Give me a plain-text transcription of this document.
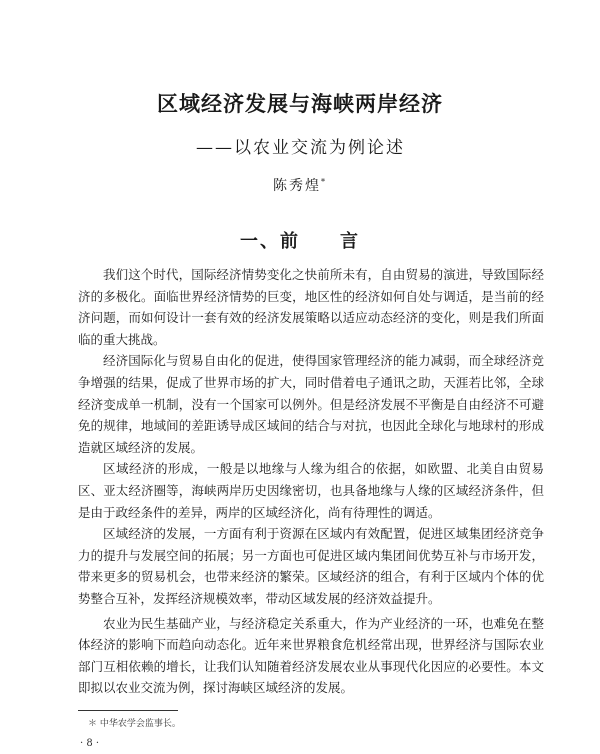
区域经济发展与海峡两岸经济
——以农业交流为例论述
陈秀煌*
一、前　　言

我们这个时代，国际经济情势变化之快前所未有，自由贸易的演进，导致国际经济的多极化。面临世界经济情势的巨变，地区性的经济如何自处与调适，是当前的经济问题，而如何设计一套有效的经济发展策略以适应动态经济的变化，则是我们所面临的重大挑战。

经济国际化与贸易自由化的促进，使得国家管理经济的能力减弱，而全球经济竞争增强的结果，促成了世界市场的扩大，同时借着电子通讯之助，天涯若比邻，全球经济变成单一机制，没有一个国家可以例外。但是经济发展不平衡是自由经济不可避免的规律，地域间的差距诱导成区域间的结合与对抗，也因此全球化与地球村的形成造就区域经济的发展。

区域经济的形成，一般是以地缘与人缘为组合的依据，如欧盟、北美自由贸易区、亚太经济圈等，海峡两岸历史因缘密切，也具备地缘与人缘的区域经济条件，但是由于政经条件的差异，两岸的区域经济化，尚有待理性的调适。

区域经济的发展，一方面有利于资源在区域内有效配置，促进区域集团经济竞争力的提升与发展空间的拓展；另一方面也可促进区域内集团间优势互补与市场开发，带来更多的贸易机会，也带来经济的繁荣。区域经济的组合，有利于区域内个体的优势整合互补，发挥经济规模效率，带动区域发展的经济效益提升。

农业为民生基础产业，与经济稳定关系重大，作为产业经济的一环，也难免在整体经济的影响下而趋向动态化。近年来世界粮食危机经常出现，世界经济与国际农业部门互相依赖的增长，让我们认知随着经济发展农业从事现代化因应的必要性。本文即拟以农业交流为例，探讨海峡区域经济的发展。

＊ 中华农学会监事长。
· 8 ·
